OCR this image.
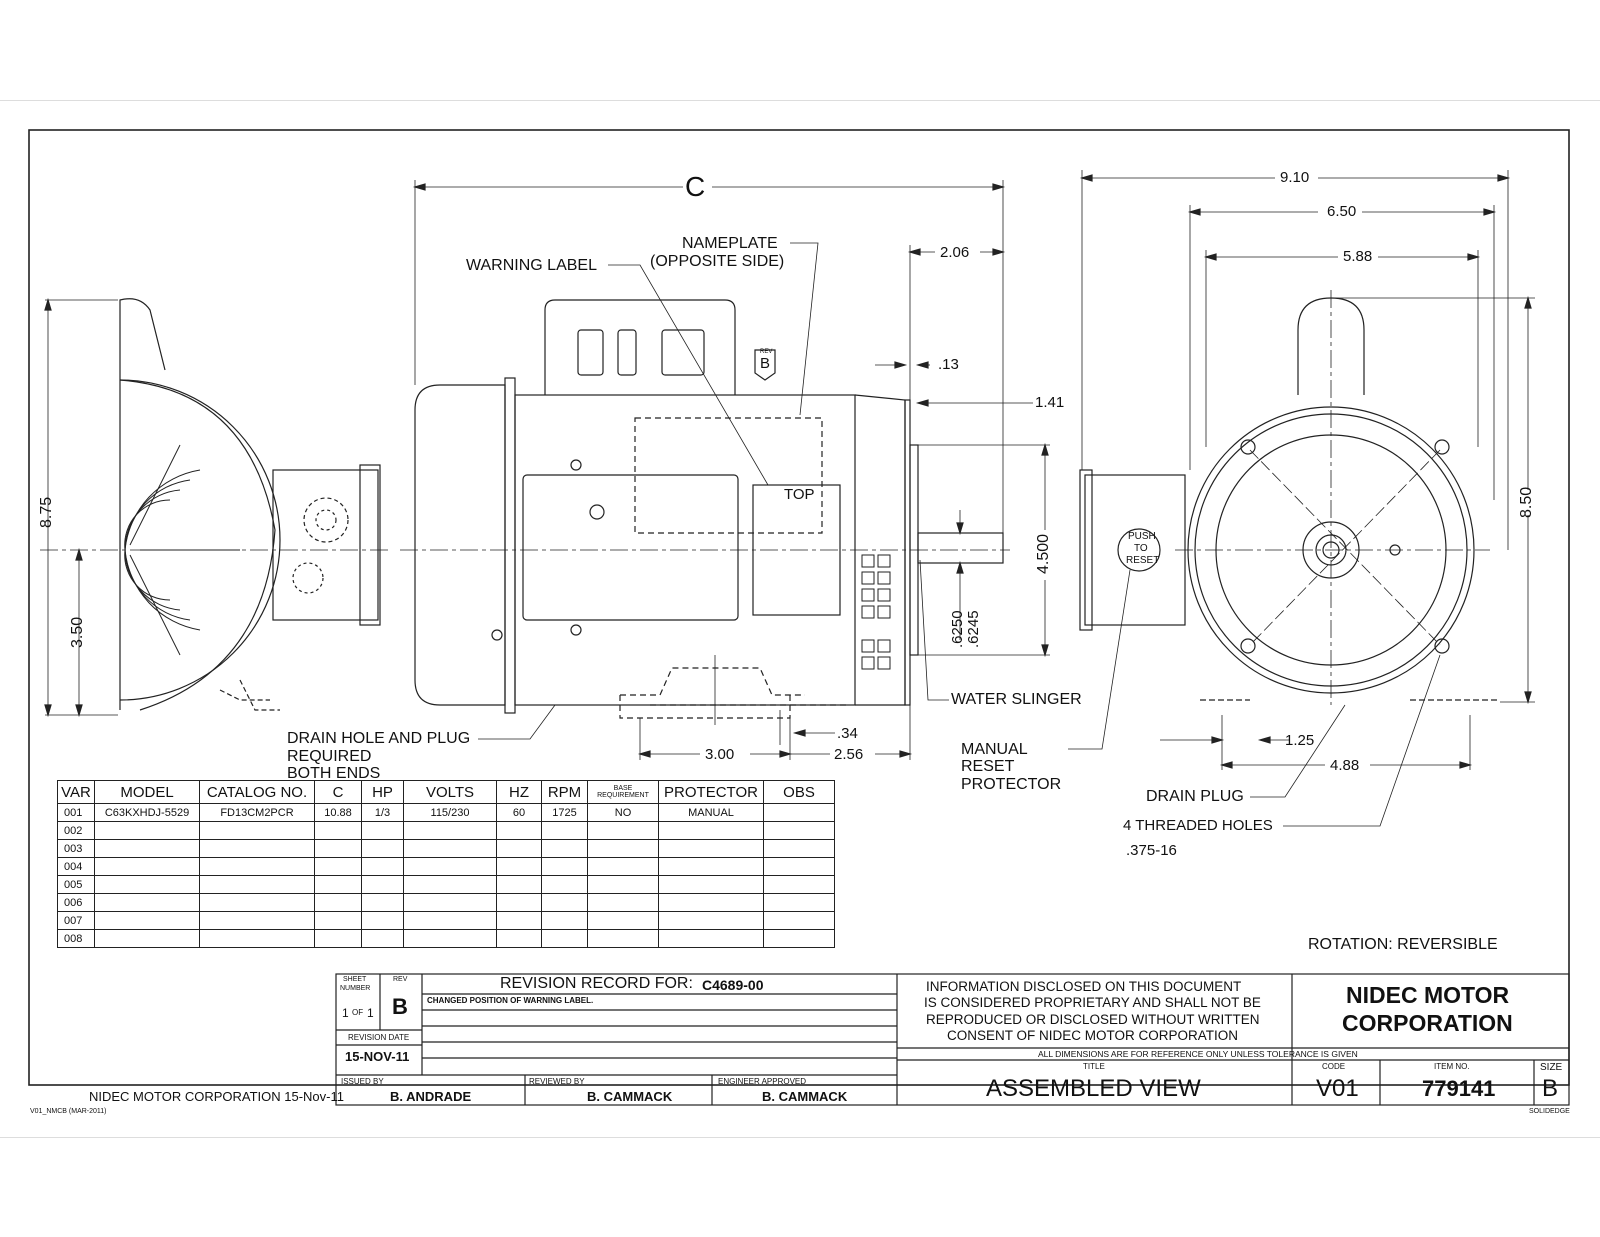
C
2.06
.13
1.41
4.500
.6250 .6245
8.75
3.50
3.00	2.56
.34
9.10
6.50
5.88
8.50
1.25
4.88
WARNING LABEL
NAMEPLATE
(OPPOSITE SIDE)
TOP
REV
B
WATER SLINGER
DRAIN HOLE AND PLUG
REQUIRED
BOTH ENDS
MANUAL
RESET
PROTECTOR
PUSH
TO
RESET
DRAIN PLUG
4 THREADED HOLES
.375-16
ROTATION: REVERSIBLE
VAR	MODEL	CATALOG NO.	C	HP	VOLTS	HZ	RPM	BASE REQUIREMENT	PROTECTOR	OBS
001	C63KXHDJ-5529	FD13CM2PCR	10.88	1/3	115/230	60	1725	NO	MANUAL	
002										
003										
004										
005										
006										
007										
008										
SHEET
NUMBER
REV
1 OF 1 B
REVISION DATE
15-NOV-11
REVISION RECORD FOR: C4689-00
CHANGED POSITION OF WARNING LABEL.
ISSUED BY
B. ANDRADE
REVIEWED BY
B. CAMMACK
ENGINEER APPROVED
B. CAMMACK
INFORMATION DISCLOSED ON THIS DOCUMENT
IS CONSIDERED PROPRIETARY AND SHALL NOT BE
REPRODUCED OR DISCLOSED WITHOUT WRITTEN
CONSENT OF NIDEC MOTOR CORPORATION
NIDEC MOTOR
CORPORATION
ALL DIMENSIONS ARE FOR REFERENCE ONLY UNLESS TOLERANCE IS GIVEN
TITLE
ASSEMBLED VIEW
CODE
V01
ITEM NO.
779141
SIZE
B
NIDEC MOTOR CORPORATION 15-Nov-11
V01_NMCB (MAR-2011)	SOLIDEDGE
